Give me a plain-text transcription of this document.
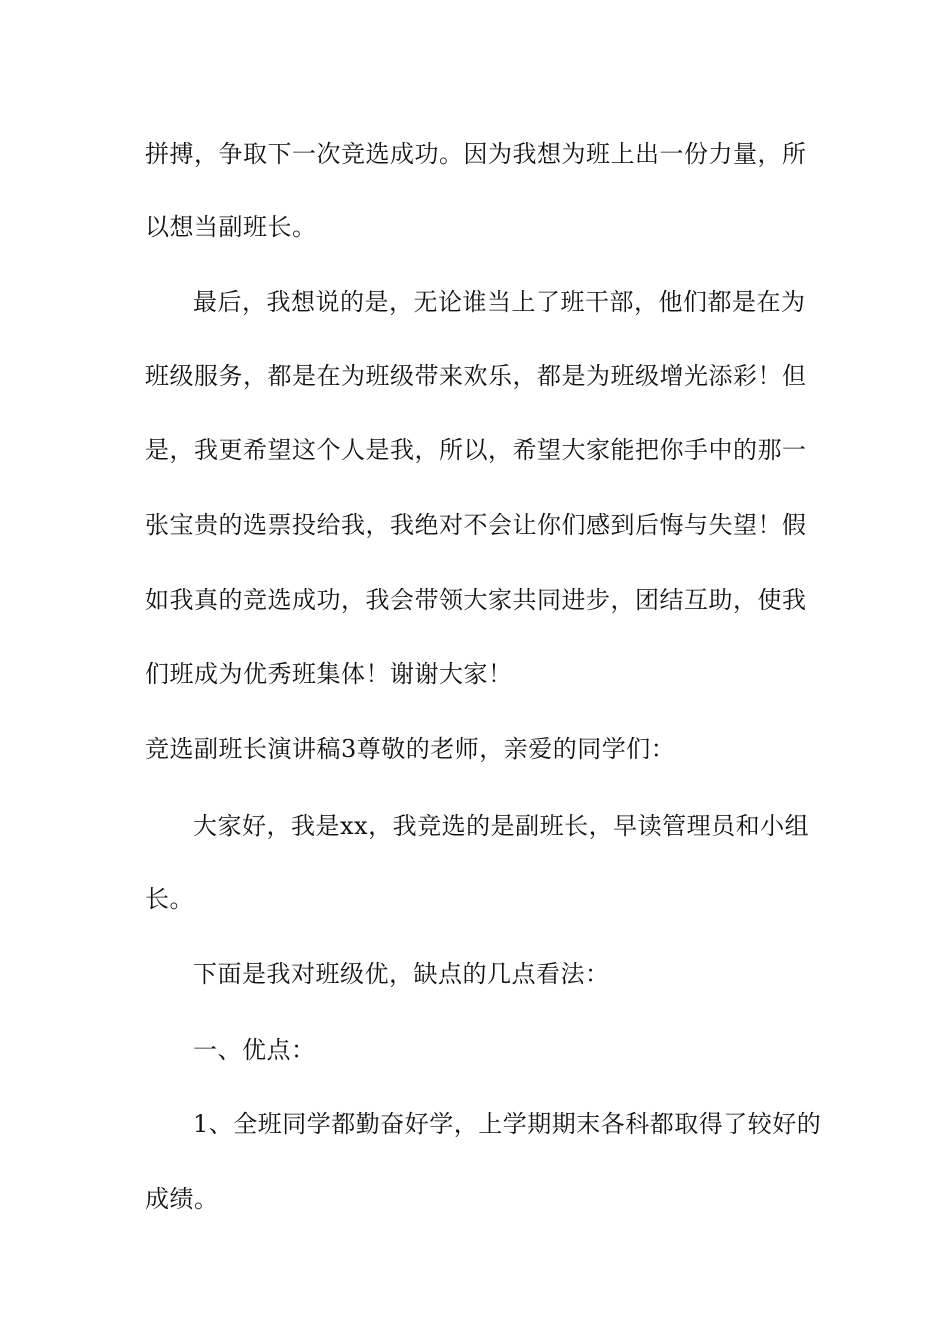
拼搏，争取下一次竞选成功。因为我想为班上出一份力量，所
以想当副班长。
最后，我想说的是，无论谁当上了班干部，他们都是在为
班级服务，都是在为班级带来欢乐，都是为班级增光添彩！但
是，我更希望这个人是我，所以，希望大家能把你手中的那一
张宝贵的选票投给我，我绝对不会让你们感到后悔与失望！假
如我真的竞选成功，我会带领大家共同进步，团结互助，使我
们班成为优秀班集体！谢谢大家！
竞选副班长演讲稿3尊敬的老师，亲爱的同学们：
大家好，我是xx，我竞选的是副班长，早读管理员和小组
长。
下面是我对班级优，缺点的几点看法：
一、优点：
1、全班同学都勤奋好学，上学期期末各科都取得了较好的
成绩。
